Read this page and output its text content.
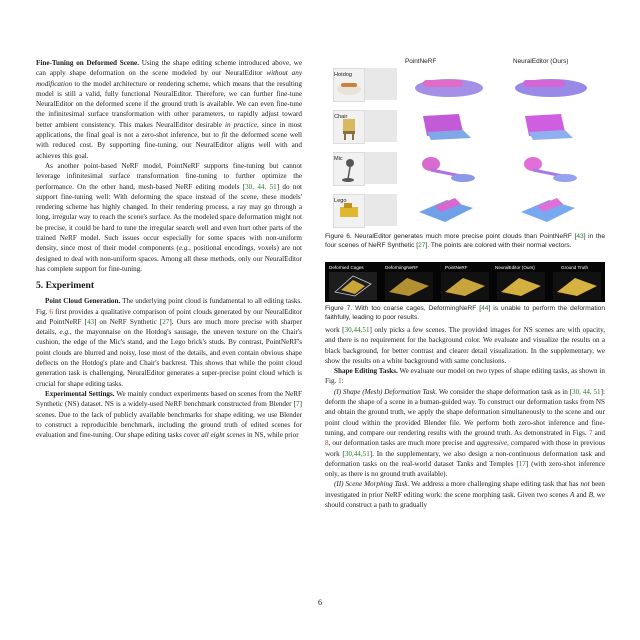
Fine-Tuning on Deformed Scene. Using the shape editing scheme introduced above, we can apply shape deformation on the scene modeled by our NeuralEditor without any modification to the model architecture or rendering scheme, which means that the resulting model is still a valid, fully functional NeuralEditor. Therefore, we can further fine-tune NeuralEditor on the deformed scene if the ground truth is available. We can even fine-tune the infinitesimal surface transformation with other parameters, to rapidly adjust toward better ambient consistency. This makes NeuralEditor desirable in practice, since in most applications, the final goal is not a zero-shot inference, but to fit the deformed scene well with reduced cost. By supporting fine-tuning, our NeuralEditor aligns well with and achieves this goal.

As another point-based NeRF model, PointNeRF supports fine-tuning but cannot leverage infinitesimal surface transformation fine-tuning to further optimize the performance. On the other hand, mesh-based NeRF editing models [30, 44, 51] do not support fine-tuning well: With deforming the space instead of the scene, these models' rendering scheme has highly changed. In their rendering process, a ray may go through a long, irregular way to reach the scene's surface. As the modeled space deformation might not be precise, it could be hard to tune the irregular search well and even hurt other parts of the trained NeRF model. Such issues occur especially for some spaces with non-uniform density, since most of their model components (e.g., positional encodings, voxels) are not designed to deal with non-uniform spaces. Among all these methods, only our NeuralEditor has complete support for fine-tuning.

5. Experiment

Point Cloud Generation. The underlying point cloud is fundamental to all editing tasks. Fig. 6 first provides a qualitative comparison of point clouds generated by our NeuralEditor and PointNeRF [43] on NeRF Synthetic [27]. Ours are much more precise with sharper details, e.g., the mayonnaise on the Hotdog's sausage, the uneven texture on the Chair's cushion, the edge of the Mic's stand, and the Lego brick's studs. By contrast, PointNeRF's point clouds are blurred and noisy, lose most of the details, and even contain obvious shape deflects on the Hotdog's plate and Chair's backrest. This shows that while the point cloud generation task is challenging, NeuralEditor generates a super-precise point cloud which is crucial for shape editing tasks.

Experimental Settings. We mainly conduct experiments based on scenes from the NeRF Synthetic (NS) dataset. NS is a widely-used NeRF benchmark constructed from Blender [7] scenes. Due to the lack of publicly available benchmarks for shape editing, we use Blender to construct a reproducible benchmark, including the ground truth of edited scenes for evaluation and fine-tuning. Our shape editing tasks cover all eight scenes in NS, while prior

PointNeRF	NeuralEditor (Ours)
Hotdog
Chair
Mic
Lego
Figure 6. NeuralEditor generates much more precise point clouds than PointNeRF [43] in the four scenes of NeRF Synthetic [27]. The points are colored with their normal vectors.
Deformed Cages	DeformingNeRF	PointNeRF	NeuralEditor (Ours)	Ground Truth
Figure 7. With too coarse cages, DeformingNeRF [44] is unable to perform the deformation faithfully, leading to poor results.

work [30,44,51] only picks a few scenes. The provided images for NS scenes are with opacity, and there is no requirement for the background color. We evaluate and visualize the results on a black background, for better contrast and clearer detail visualization. In the supplementary, we show the results on a white background with same conclusions.

Shape Editing Tasks. We evaluate our model on two types of shape editing tasks, as shown in Fig. 1:

(I) Shape (Mesh) Deformation Task. We consider the shape deformation task as in [30, 44, 51]: deform the shape of a scene in a human-guided way. To construct our deformation tasks from NS and obtain the ground truth, we apply the shape deformation simultaneously to the scene and our point cloud within the provided Blender file. We perform both zero-shot inference and fine-tuning, and compare our rendering results with the ground truth. As demonstrated in Figs. 7 and 8, our deformation tasks are much more precise and aggressive, compared with those in previous work [30,44,51]. In the supplementary, we also design a non-continuous deformation task and deformation tasks on the real-world dataset Tanks and Temples [17] (with zero-shot inference only, as there is no ground truth available).

(II) Scene Morphing Task. We address a more challenging shape editing task that has not been investigated in prior NeRF editing work: the scene morphing task. Given two scenes A and B, we should construct a path to gradually

6
